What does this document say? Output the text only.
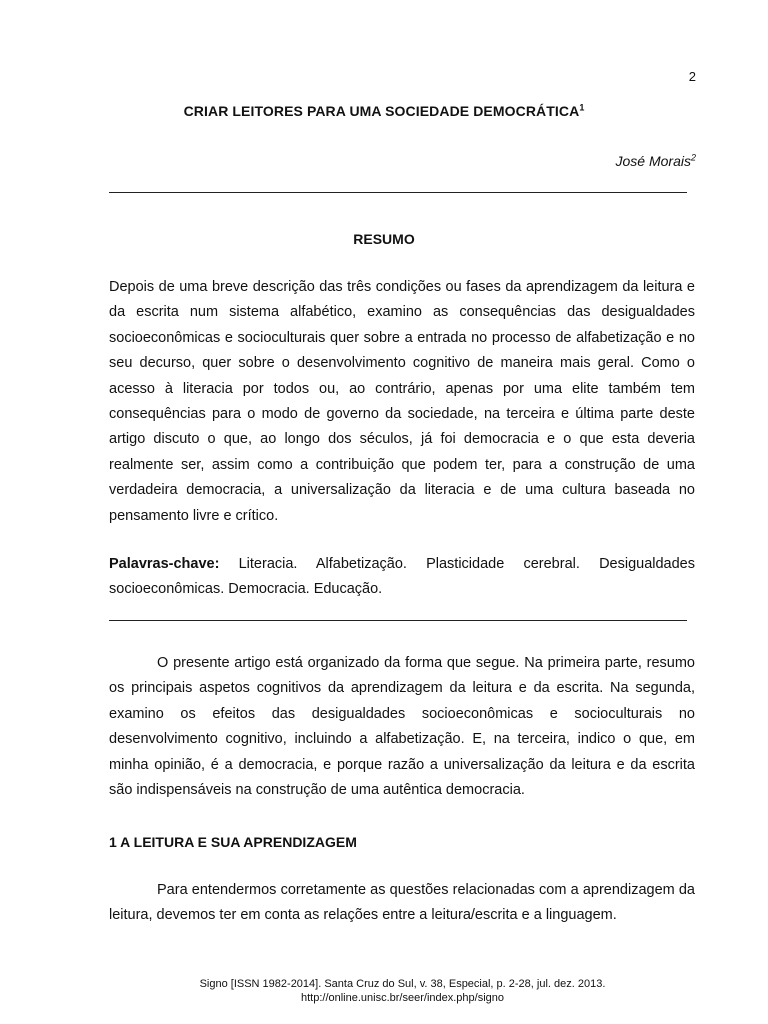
2
CRIAR LEITORES PARA UMA SOCIEDADE DEMOCRÁTICA$^1$
José Morais$^2$
RESUMO

Depois de uma breve descrição das três condições ou fases da aprendizagem da leitura e da escrita num sistema alfabético, examino as consequências das desigualdades socioeconômicas e socioculturais quer sobre a entrada no processo de alfabetização e no seu decurso, quer sobre o desenvolvimento cognitivo de maneira mais geral. Como o acesso à literacia por todos ou, ao contrário, apenas por uma elite também tem consequências para o modo de governo da sociedade, na terceira e última parte deste artigo discuto o que, ao longo dos séculos, já foi democracia e o que esta deveria realmente ser, assim como a contribuição que podem ter, para a construção de uma verdadeira democracia, a universalização da literacia e de uma cultura baseada no pensamento livre e crítico.

Palavras-chave: Literacia. Alfabetização. Plasticidade cerebral. Desigualdades socioeconômicas. Democracia. Educação.

O presente artigo está organizado da forma que segue. Na primeira parte, resumo os principais aspetos cognitivos da aprendizagem da leitura e da escrita. Na segunda, examino os efeitos das desigualdades socioeconômicas e socioculturais no desenvolvimento cognitivo, incluindo a alfabetização. E, na terceira, indico o que, em minha opinião, é a democracia, e porque razão a universalização da leitura e da escrita são indispensáveis na construção de uma autêntica democracia.

1 A LEITURA E SUA APRENDIZAGEM

Para entendermos corretamente as questões relacionadas com a aprendizagem da leitura, devemos ter em conta as relações entre a leitura/escrita e a linguagem.

Signo [ISSN 1982-2014]. Santa Cruz do Sul, v. 38, Especial, p. 2-28, jul. dez. 2013.
http://online.unisc.br/seer/index.php/signo
